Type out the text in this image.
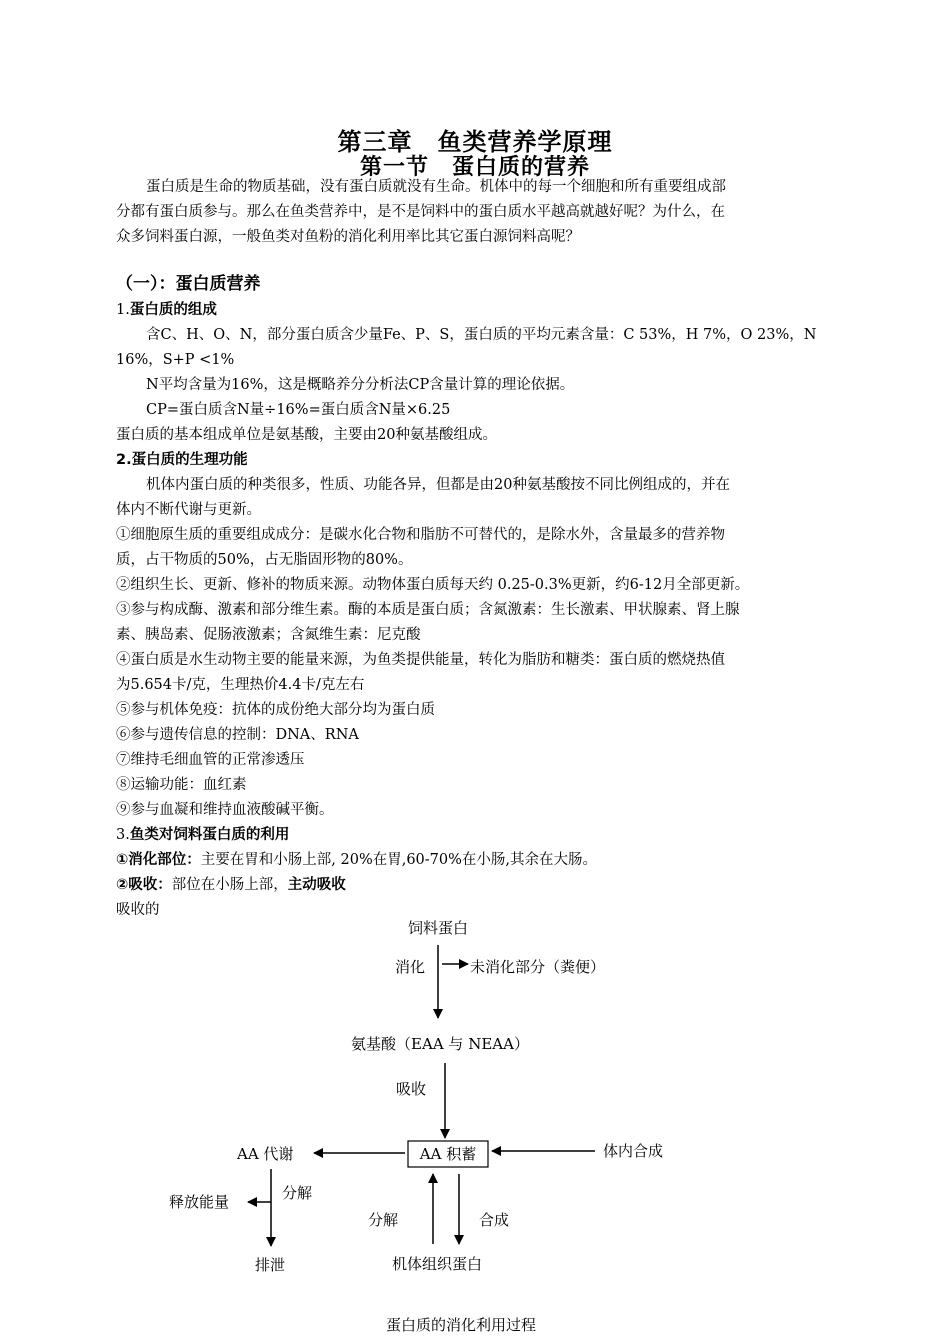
第三章　鱼类营养学原理
第一节　蛋白质的营养

蛋白质是生命的物质基础，没有蛋白质就没有生命。机体中的每一个细胞和所有重要组成部

分都有蛋白质参与。那么在鱼类营养中，是不是饲料中的蛋白质水平越高就越好呢？为什么，在

众多饲料蛋白源，一般鱼类对鱼粉的消化利用率比其它蛋白源饲料高呢？

（一）：蛋白质营养

1.蛋白质的组成

含C、H、O、N，部分蛋白质含少量Fe、P、S，蛋白质的平均元素含量：C 53%，H 7%，O 23%，N

16%，S+P <1%

N平均含量为16%，这是概略养分分析法CP含量计算的理论依据。

CP=蛋白质含N量÷16%=蛋白质含N量×6.25

蛋白质的基本组成单位是氨基酸，主要由20种氨基酸组成。

2.蛋白质的生理功能

机体内蛋白质的种类很多，性质、功能各异，但都是由20种氨基酸按不同比例组成的，并在

体内不断代谢与更新。

①细胞原生质的重要组成成分：是碳水化合物和脂肪不可替代的，是除水外，含量最多的营养物

质，占干物质的50%，占无脂固形物的80%。

②组织生长、更新、修补的物质来源。动物体蛋白质每天约 0.25-0.3%更新，约6-12月全部更新。

③参与构成酶、激素和部分维生素。酶的本质是蛋白质；含氮激素：生长激素、甲状腺素、肾上腺

素、胰岛素、促肠液激素；含氮维生素：尼克酸

④蛋白质是水生动物主要的能量来源，为鱼类提供能量，转化为脂肪和糖类：蛋白质的燃烧热值

为5.654卡/克，生理热价4.4卡/克左右

⑤参与机体免疫：抗体的成份绝大部分均为蛋白质

⑥参与遗传信息的控制：DNA、RNA

⑦维持毛细血管的正常渗透压

⑧运输功能：血红素

⑨参与血凝和维持血液酸碱平衡。

3.鱼类对饲料蛋白质的利用

①消化部位：主要在胃和小肠上部, 20%在胃,60-70%在小肠,其余在大肠。

②吸收：部位在小肠上部，主动吸收

吸收的

饲料蛋白
消化	未消化部分（粪便）
氨基酸（EAA 与 NEAA）
吸收
AA 积蓄
AA 代谢	体内合成
释放能量	分解
排泄
分解	合成
机体组织蛋白
蛋白质的消化利用过程
